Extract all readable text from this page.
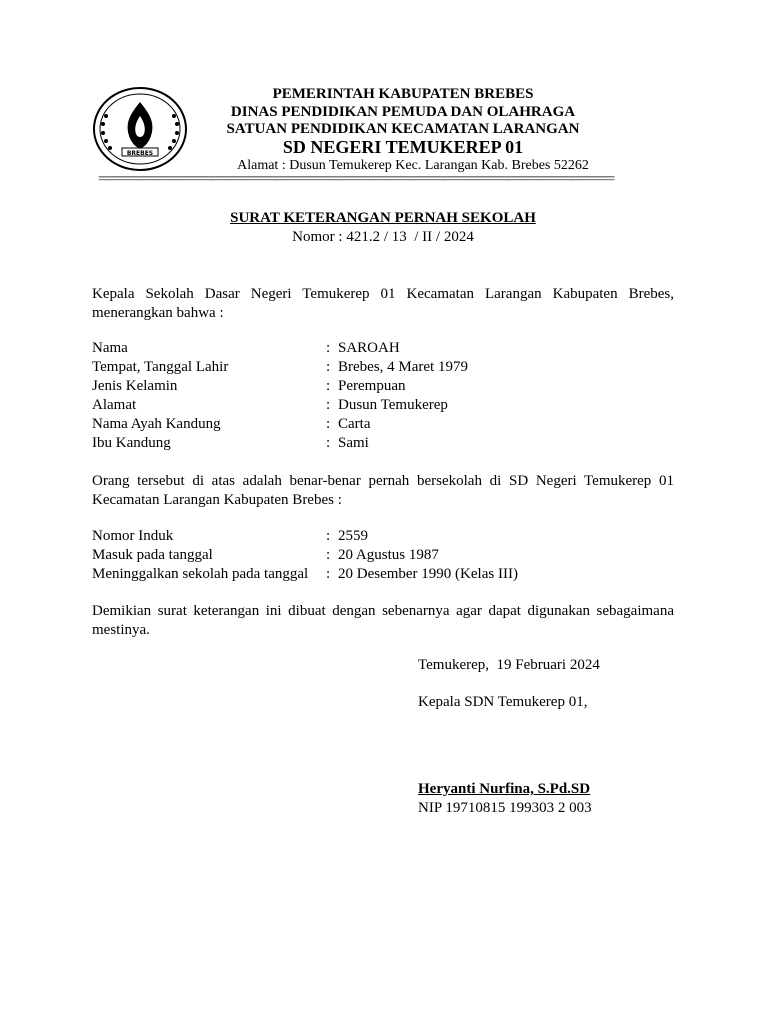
BREBES
PEMERINTAH KABUPATEN BREBES
DINAS PENDIDIKAN PEMUDA DAN OLAHRAGA
SATUAN PENDIDIKAN KECAMATAN LARANGAN
SD NEGERI TEMUKEREP 01
Alamat : Dusun Temukerep Kec. Larangan Kab. Brebes 52262
================================================================================
SURAT KETERANGAN PERNAH SEKOLAH
Nomor : 421.2 / 13  / II / 2024
Kepala Sekolah Dasar Negeri Temukerep 01 Kecamatan Larangan Kabupaten Brebes, menerangkan bahwa :
Nama	: SAROAH
Tempat, Tanggal Lahir	: Brebes, 4 Maret 1979
Jenis Kelamin	: Perempuan
Alamat	: Dusun Temukerep
Nama Ayah Kandung	: Carta
Ibu Kandung	: Sami
Orang tersebut di atas adalah benar-benar pernah bersekolah di SD Negeri Temukerep 01 Kecamatan Larangan Kabupaten Brebes :
Nomor Induk	: 2559
Masuk pada tanggal	: 20 Agustus 1987
Meninggalkan sekolah pada tanggal : 20 Desember 1990 (Kelas III)
Demikian surat keterangan ini dibuat dengan sebenarnya agar dapat digunakan sebagaimana mestinya.
Temukerep,  19 Februari 2024
Kepala SDN Temukerep 01,
Heryanti Nurfina, S.Pd.SD
NIP 19710815 199303 2 003
